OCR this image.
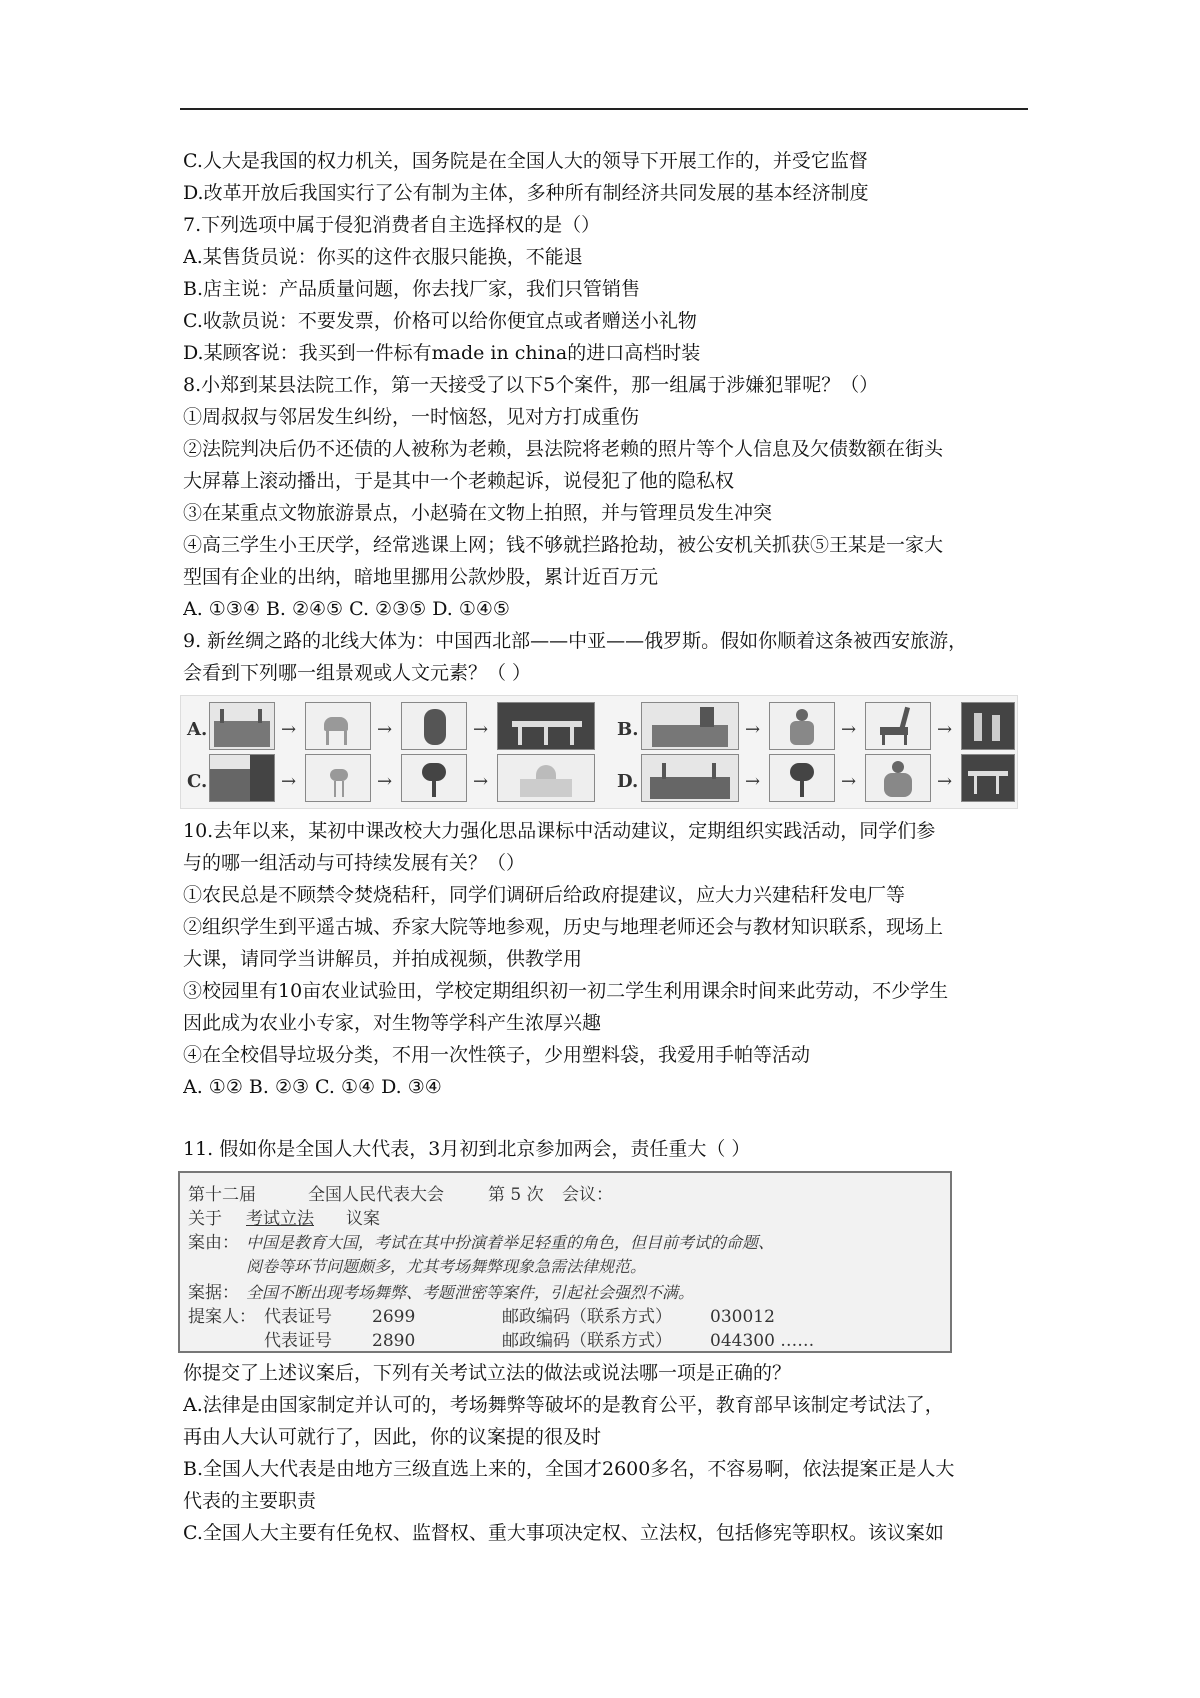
C.人大是我国的权力机关，国务院是在全国人大的领导下开展工作的，并受它监督
D.改革开放后我国实行了公有制为主体，多种所有制经济共同发展的基本经济制度
7.下列选项中属于侵犯消费者自主选择权的是（）
A.某售货员说：你买的这件衣服只能换，不能退
B.店主说：产品质量问题，你去找厂家，我们只管销售
C.收款员说：不要发票，价格可以给你便宜点或者赠送小礼物
D.某顾客说：我买到一件标有made in china的进口高档时装
8.小郑到某县法院工作，第一天接受了以下5个案件，那一组属于涉嫌犯罪呢？（）
①周叔叔与邻居发生纠纷，一时恼怒，见对方打成重伤
②法院判决后仍不还债的人被称为老赖，县法院将老赖的照片等个人信息及欠债数额在街头
大屏幕上滚动播出，于是其中一个老赖起诉，说侵犯了他的隐私权
③在某重点文物旅游景点，小赵骑在文物上拍照，并与管理员发生冲突
④高三学生小王厌学，经常逃课上网；钱不够就拦路抢劫，被公安机关抓获⑤王某是一家大
型国有企业的出纳，暗地里挪用公款炒股，累计近百万元
A. ①③④ B. ②④⑤ C. ②③⑤ D. ①④⑤
9. 新丝绸之路的北线大体为：中国西北部——中亚——俄罗斯。假如你顺着这条被西安旅游，
会看到下列哪一组景观或人文元素？（ ）
A.	→	→	→	B.	→	→	→
C.	→	→	→	D.	→	→	→
10.去年以来，某初中课改校大力强化思品课标中活动建议，定期组织实践活动，同学们参
与的哪一组活动与可持续发展有关？（）
①农民总是不顾禁令焚烧秸秆，同学们调研后给政府提建议，应大力兴建秸秆发电厂等
②组织学生到平遥古城、乔家大院等地参观，历史与地理老师还会与教材知识联系，现场上
大课，请同学当讲解员，并拍成视频，供教学用
③校园里有10亩农业试验田，学校定期组织初一初二学生利用课余时间来此劳动，不少学生
因此成为农业小专家，对生物等学科产生浓厚兴趣
④在全校倡导垃圾分类，不用一次性筷子，少用塑料袋，我爱用手帕等活动
A. ①② B. ②③ C. ①④ D. ③④
11. 假如你是全国人大代表，3月初到北京参加两会，责任重大（ ）
第十二届	全国人民代表大会	第 5 次 会议：
关于 考试立法 议案
案由： 中国是教育大国，考试在其中扮演着举足轻重的角色，但目前考试的命题、
阅卷等环节问题颇多，尤其考场舞弊现象急需法律规范。
案据： 全国不断出现考场舞弊、考题泄密等案件，引起社会强烈不满。
提案人： 代表证号 2699	邮政编码（联系方式） 030012
代表证号 2890	邮政编码（联系方式） 044300 ……
你提交了上述议案后，下列有关考试立法的做法或说法哪一项是正确的？
A.法律是由国家制定并认可的，考场舞弊等破坏的是教育公平，教育部早该制定考试法了，
再由人大认可就行了，因此，你的议案提的很及时
B.全国人大代表是由地方三级直选上来的，全国才2600多名，不容易啊，依法提案正是人大
代表的主要职责
C.全国人大主要有任免权、监督权、重大事项决定权、立法权，包括修宪等职权。该议案如
